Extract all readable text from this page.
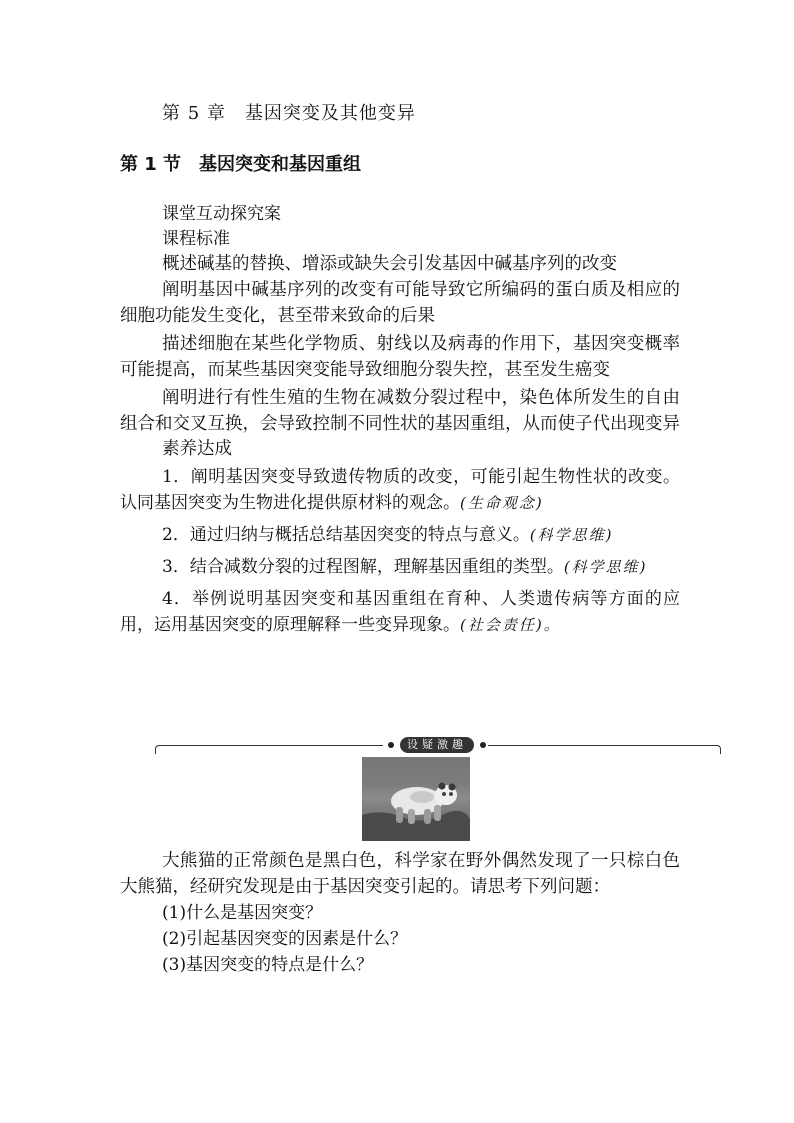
第 5 章　基因突变及其他变异
第 1 节　基因突变和基因重组

课堂互动探究案

课程标准

概述碱基的替换、增添或缺失会引发基因中碱基序列的改变

阐明基因中碱基序列的改变有可能导致它所编码的蛋白质及相应的细胞功能发生变化，甚至带来致命的后果

描述细胞在某些化学物质、射线以及病毒的作用下，基因突变概率可能提高，而某些基因突变能导致细胞分裂失控，甚至发生癌变

阐明进行有性生殖的生物在减数分裂过程中，染色体所发生的自由组合和交叉互换，会导致控制不同性状的基因重组，从而使子代出现变异

素养达成

1．阐明基因突变导致遗传物质的改变，可能引起生物性状的改变。认同基因突变为生物进化提供原材料的观念。(生命观念)

2．通过归纳与概括总结基因突变的特点与意义。(科学思维)

3．结合减数分裂的过程图解，理解基因重组的类型。(科学思维)

4．举例说明基因突变和基因重组在育种、人类遗传病等方面的应用，运用基因突变的原理解释一些变异现象。(社会责任)。

设疑激趣

大熊猫的正常颜色是黑白色，科学家在野外偶然发现了一只棕白色大熊猫，经研究发现是由于基因突变引起的。请思考下列问题：

(1)什么是基因突变？

(2)引起基因突变的因素是什么？

(3)基因突变的特点是什么？
